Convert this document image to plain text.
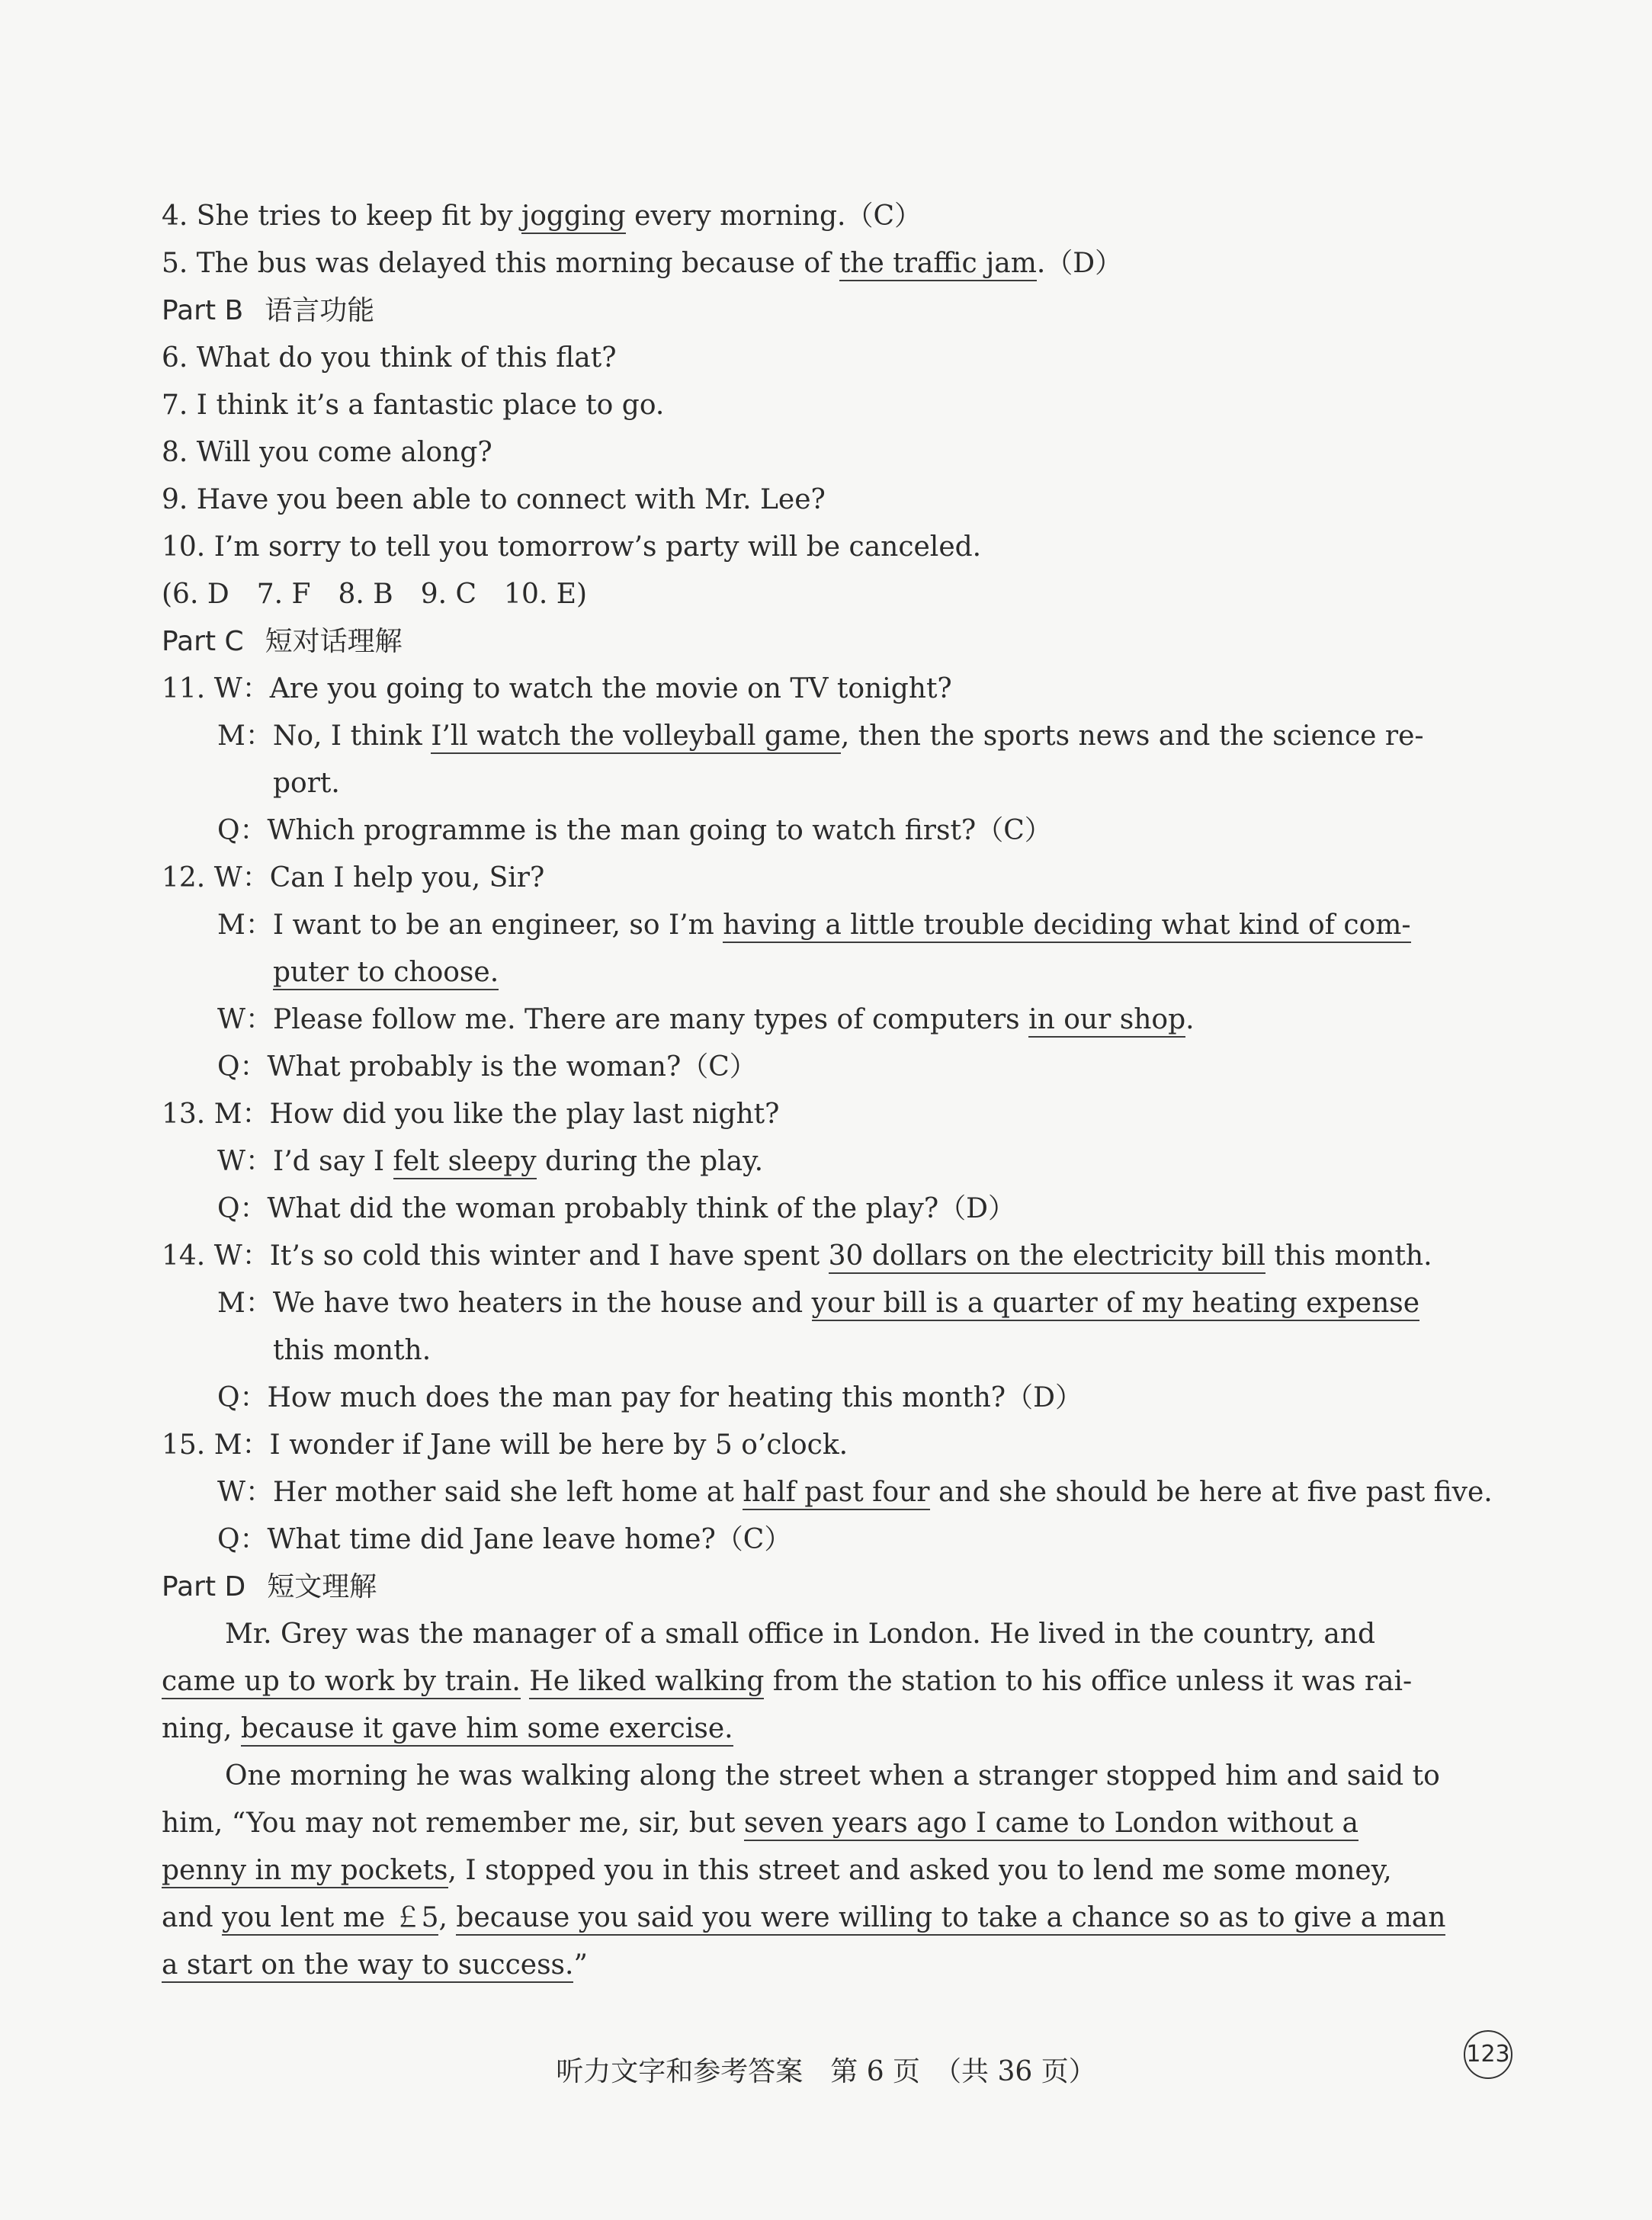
4. She tries to keep fit by jogging every morning.（C）
5. The bus was delayed this morning because of the traffic jam.（D）
Part B 语言功能
6. What do you think of this flat?
7. I think it’s a fantastic place to go.
8. Will you come along?
9. Have you been able to connect with Mr. Lee?
10. I’m sorry to tell you tomorrow’s party will be canceled.
(6. D　7. F　8. B　9. C　10. E)
Part C 短对话理解
11. W：Are you going to watch the movie on TV tonight?
M：No, I think I’ll watch the volleyball game, then the sports news and the science re-
port.
Q：Which programme is the man going to watch first?（C）
12. W：Can I help you, Sir?
M：I want to be an engineer, so I’m having a little trouble deciding what kind of com-
puter to choose.
W：Please follow me. There are many types of computers in our shop.
Q：What probably is the woman?（C）
13. M：How did you like the play last night?
W：I’d say I felt sleepy during the play.
Q：What did the woman probably think of the play?（D）
14. W：It’s so cold this winter and I have spent 30 dollars on the electricity bill this month.
M：We have two heaters in the house and your bill is a quarter of my heating expense
this month.
Q：How much does the man pay for heating this month?（D）
15. M：I wonder if Jane will be here by 5 o’clock.
W：Her mother said she left home at half past four and she should be here at five past five.
Q：What time did Jane leave home?（C）
Part D 短文理解
Mr. Grey was the manager of a small office in London. He lived in the country, and
came up to work by train. He liked walking from the station to his office unless it was rai-
ning, because it gave him some exercise.
One morning he was walking along the street when a stranger stopped him and said to
him, “You may not remember me, sir, but seven years ago I came to London without a
penny in my pockets, I stopped you in this street and asked you to lend me some money,
and you lent me ￡5, because you said you were willing to take a chance so as to give a man
a start on the way to success.”
听力文字和参考答案　第 6 页　（共 36 页）
123
